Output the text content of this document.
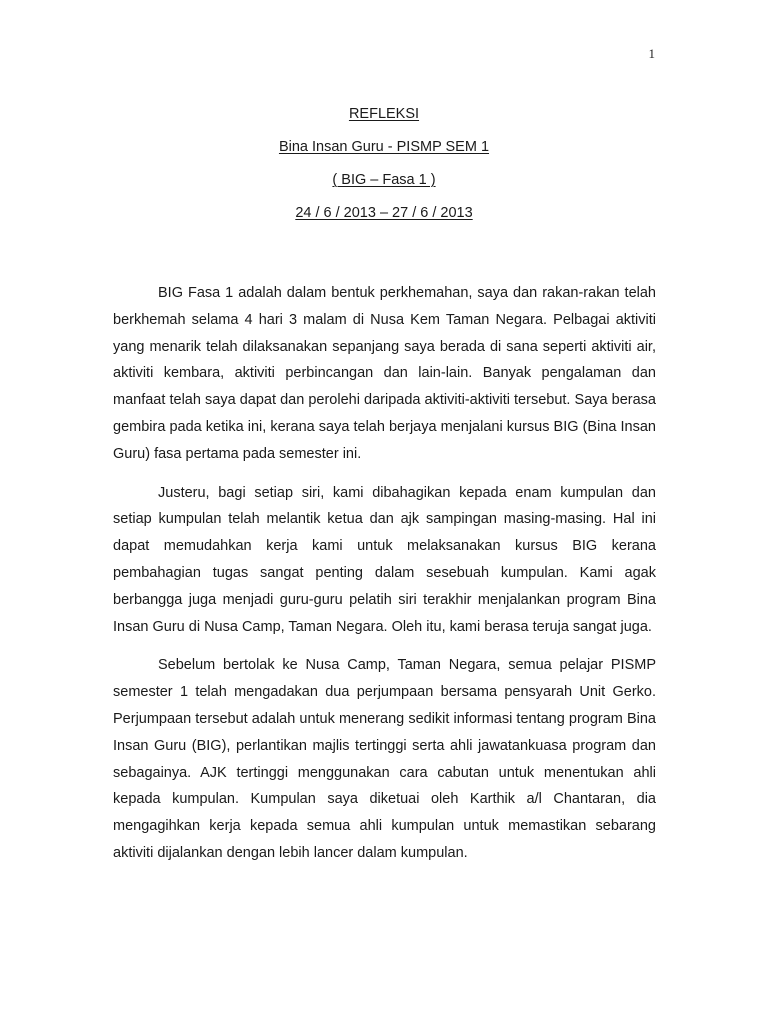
1
REFLEKSI
Bina Insan Guru - PISMP SEM 1
( BIG – Fasa 1 )
24 / 6 / 2013 – 27 / 6 / 2013

BIG Fasa 1 adalah dalam bentuk perkhemahan, saya dan rakan-rakan telah berkhemah selama 4 hari 3 malam di Nusa Kem Taman Negara. Pelbagai aktiviti yang menarik telah dilaksanakan sepanjang saya berada di sana seperti aktiviti air, aktiviti kembara, aktiviti perbincangan dan lain-lain. Banyak pengalaman dan manfaat telah saya dapat dan perolehi daripada aktiviti-aktiviti tersebut. Saya berasa gembira pada ketika ini, kerana saya telah berjaya menjalani kursus BIG (Bina Insan Guru) fasa pertama pada semester ini.

Justeru, bagi setiap siri, kami dibahagikan kepada enam kumpulan dan setiap kumpulan telah melantik ketua dan ajk sampingan masing-masing. Hal ini dapat memudahkan kerja kami untuk melaksanakan kursus BIG kerana pembahagian tugas sangat penting dalam sesebuah kumpulan. Kami agak berbangga juga menjadi guru-guru pelatih siri terakhir menjalankan program Bina Insan Guru di Nusa Camp, Taman Negara. Oleh itu, kami berasa teruja sangat juga.

Sebelum bertolak ke Nusa Camp, Taman Negara, semua pelajar PISMP semester 1 telah mengadakan dua perjumpaan bersama pensyarah Unit Gerko. Perjumpaan tersebut adalah untuk menerang sedikit informasi tentang program Bina Insan Guru (BIG), perlantikan majlis tertinggi serta ahli jawatankuasa program dan sebagainya. AJK tertinggi menggunakan cara cabutan untuk menentukan ahli kepada kumpulan. Kumpulan saya diketuai oleh Karthik a/l Chantaran, dia mengagihkan kerja kepada semua ahli kumpulan untuk memastikan sebarang aktiviti dijalankan dengan lebih lancer dalam kumpulan.
